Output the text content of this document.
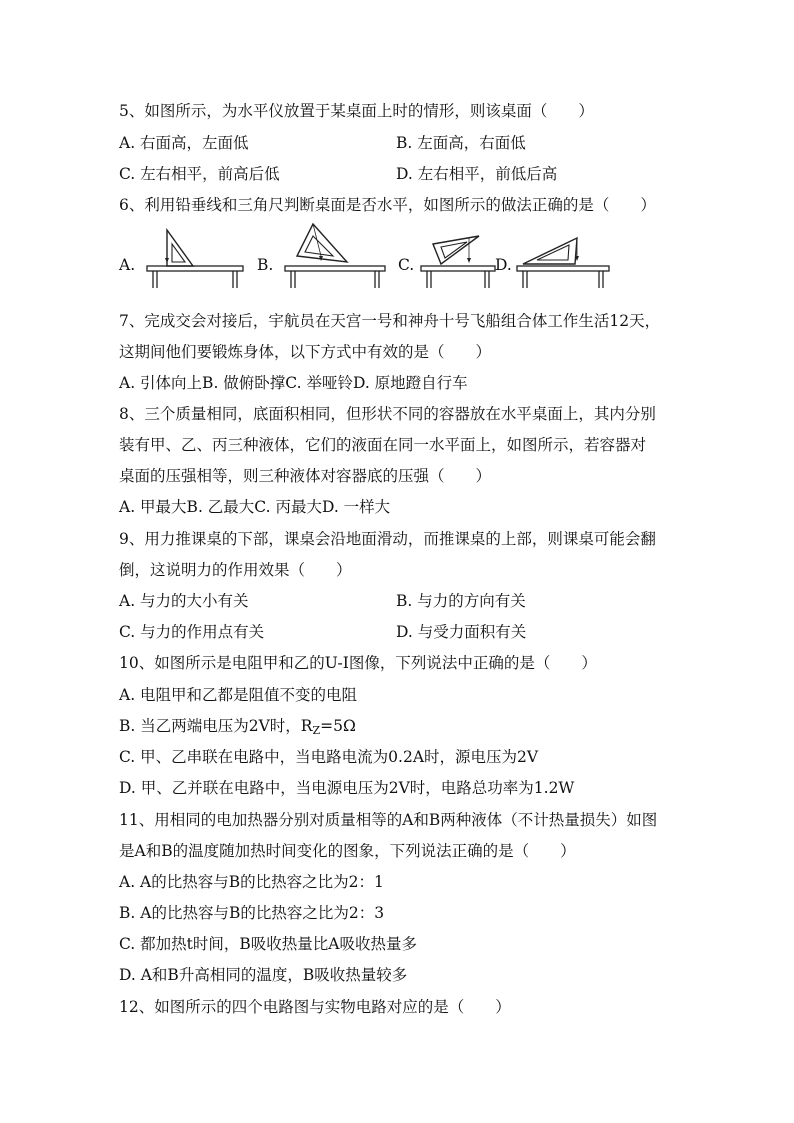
5、如图所示，为水平仪放置于某桌面上时的情形，则该桌面（　　）
A. 右面高，左面低	B. 左面高，右面低
C. 左右相平，前高后低	D. 左右相平，前低后高
6、利用铅垂线和三角尺判断桌面是否水平，如图所示的做法正确的是（　　）
A.	B.	C.	D.
7、完成交会对接后，宇航员在天宫一号和神舟十号飞船组合体工作生活12天，
这期间他们要锻炼身体，以下方式中有效的是（　　）
A. 引体向上B. 做俯卧撑C. 举哑铃D. 原地蹬自行车
8、三个质量相同，底面积相同，但形状不同的容器放在水平桌面上，其内分别
装有甲、乙、丙三种液体，它们的液面在同一水平面上，如图所示，若容器对
桌面的压强相等，则三种液体对容器底的压强（　　）
A. 甲最大B. 乙最大C. 丙最大D. 一样大
9、用力推课桌的下部，课桌会沿地面滑动，而推课桌的上部，则课桌可能会翻
倒，这说明力的作用效果（　　）
A. 与力的大小有关	B. 与力的方向有关
C. 与力的作用点有关	D. 与受力面积有关
10、如图所示是电阻甲和乙的U-I图像，下列说法中正确的是（　　）
A. 电阻甲和乙都是阻值不变的电阻
B. 当乙两端电压为2V时，$R_Z=5\Omega$
C. 甲、乙串联在电路中，当电路电流为0.2A时，源电压为2V
D. 甲、乙并联在电路中，当电源电压为2V时，电路总功率为1.2W
11、用相同的电加热器分别对质量相等的A和B两种液体（不计热量损失）如图
是A和B的温度随加热时间变化的图象，下列说法正确的是（　　）
A. A的比热容与B的比热容之比为2：1
B. A的比热容与B的比热容之比为2：3
C. 都加热t时间，B吸收热量比A吸收热量多
D. A和B升高相同的温度，B吸收热量较多
12、如图所示的四个电路图与实物电路对应的是（　　）
